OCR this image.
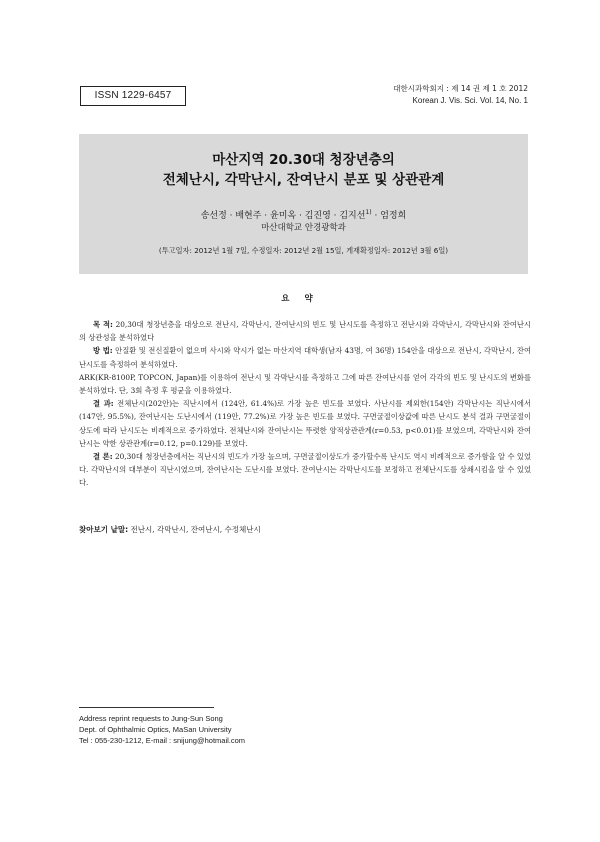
ISSN 1229-6457
대한시과학회지 : 제 14 권 제 1 호 2012
Korean J. Vis. Sci. Vol. 14, No. 1
마산지역 20.30대 청장년층의
전체난시, 각막난시, 잔여난시 분포 및 상관관계
송선정 · 배현주 · 윤미옥 · 김진영 · 김지선$^{1)}$ · 엄정희
마산대학교 안경광학과
(투고일자: 2012년 1월 7일, 수정일자: 2012년 2월 15일, 게재확정일자: 2012년 3월 6일)
요 약

목 적: 20,30대 청장년층을 대상으로 전난시, 각막난시, 잔여난시의 빈도 및 난시도를 측정하고 전난시와 각막난시, 각막난시와 잔여난시의 상관성을 분석하였다

방 법: 안질환 및 전신질환이 없으며 사시와 약시가 없는 마산지역 대학생(남자 43명, 여 36명) 154안을 대상으로 전난시, 각막난시, 잔여난시도를 측정하여 분석하였다.

ARK(KR-8100P, TOPCON, Japan)를 이용하여 전난시 및 각막난시를 측정하고 그에 따른 잔여난시를 얻어 각각의 빈도 및 난시도의 변화를 분석하였다. 단, 3회 측정 후 평균을 이용하였다.

결 과: 전체난시(202안)는 직난시에서 (124안, 61.4%)로 가장 높은 빈도를 보였다. 사난시를 제외한(154안) 각막난시는 직난시에서 (147안, 95.5%), 잔여난시는 도난시에서 (119안, 77.2%)로 가장 높은 빈도를 보였다. 구면굴절이상값에 따른 난시도 분석 결과 구면굴절이상도에 따라 난시도는 비례적으로 증가하였다. 전체난시와 잔여난시는 뚜렷한 양적상관관계(r=0.53, p<0.01)를 보였으며, 각막난시와 잔여난시는 약한 상관관계(r=0.12, p=0.129)를 보였다.

결 론: 20,30대 청장년층에서는 직난시의 빈도가 가장 높으며, 구면굴절이상도가 증가할수록 난시도 역시 비례적으로 증가함을 알 수 있었다. 각막난시의 대부분이 직난시였으며, 잔여난시는 도난시를 보였다. 잔여난시는 각막난시도를 보정하고 전체난시도를 상쇄시킴을 알 수 있었다.

찾아보기 낱말: 전난시, 각막난시, 잔여난시, 수정체난시
Address reprint requests to Jung-Sun Song
Dept. of Ophthalmic Optics, MaSan University
Tel : 055-230-1212, E-mail : snijung@hotmail.com
